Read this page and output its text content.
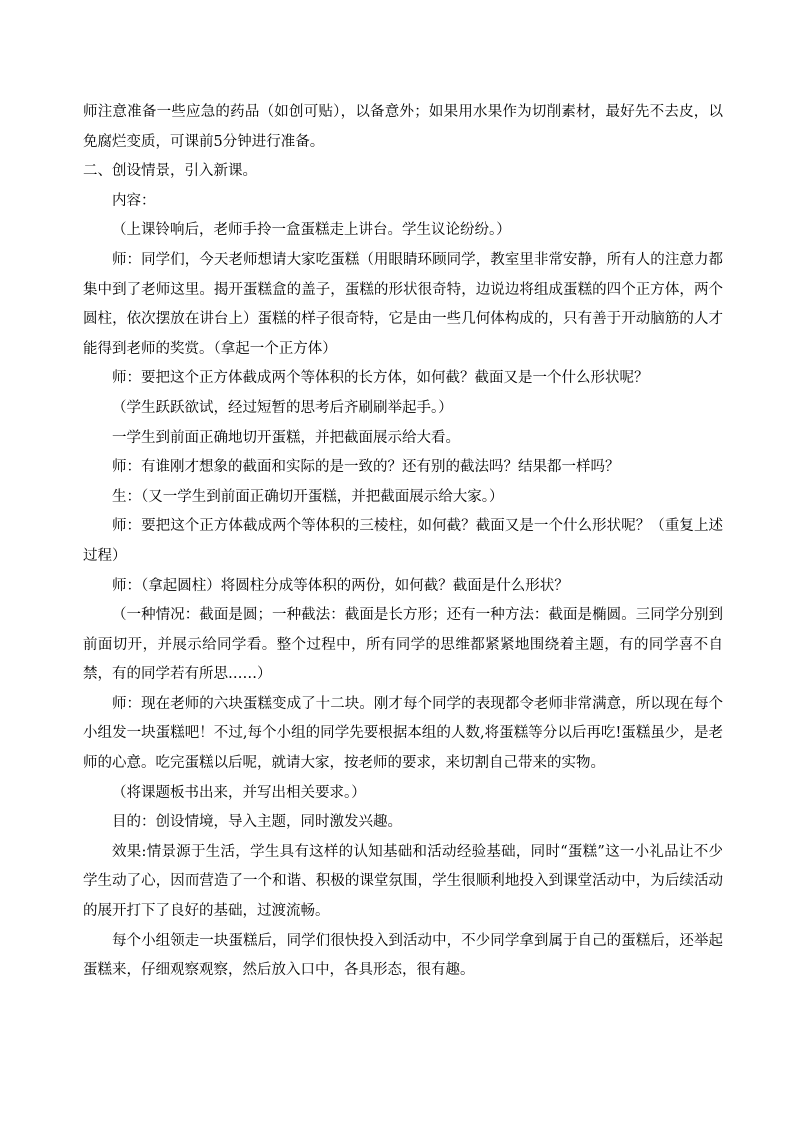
师注意准备一些应急的药品（如创可贴），以备意外；如果用水果作为切削素材，最好先不去皮，以免腐烂变质，可课前5分钟进行准备。

二、创设情景，引入新课。

内容：

（上课铃响后，老师手拎一盒蛋糕走上讲台。学生议论纷纷。）

师：同学们，今天老师想请大家吃蛋糕（用眼睛环顾同学，教室里非常安静，所有人的注意力都集中到了老师这里。揭开蛋糕盒的盖子，蛋糕的形状很奇特，边说边将组成蛋糕的四个正方体，两个圆柱，依次摆放在讲台上）蛋糕的样子很奇特，它是由一些几何体构成的，只有善于开动脑筋的人才能得到老师的奖赏。（拿起一个正方体）

师：要把这个正方体截成两个等体积的长方体，如何截？截面又是一个什么形状呢？

（学生跃跃欲试，经过短暂的思考后齐刷刷举起手。）

一学生到前面正确地切开蛋糕，并把截面展示给大看。

师：有谁刚才想象的截面和实际的是一致的？还有别的截法吗？结果都一样吗？

生：（又一学生到前面正确切开蛋糕，并把截面展示给大家。）

师：要把这个正方体截成两个等体积的三棱柱，如何截？截面又是一个什么形状呢？（重复上述过程）

师：（拿起圆柱）将圆柱分成等体积的两份，如何截？截面是什么形状？

（一种情况：截面是圆；一种截法：截面是长方形；还有一种方法：截面是椭圆。三同学分别到前面切开，并展示给同学看。整个过程中，所有同学的思维都紧紧地围绕着主题，有的同学喜不自禁，有的同学若有所思……）

师：现在老师的六块蛋糕变成了十二块。刚才每个同学的表现都令老师非常满意，所以现在每个小组发一块蛋糕吧！不过,每个小组的同学先要根据本组的人数,将蛋糕等分以后再吃!蛋糕虽少，是老师的心意。吃完蛋糕以后呢，就请大家，按老师的要求，来切割自己带来的实物。

（将课题板书出来，并写出相关要求。）

目的：创设情境，导入主题，同时激发兴趣。

效果:情景源于生活，学生具有这样的认知基础和活动经验基础，同时“蛋糕”这一小礼品让不少学生动了心，因而营造了一个和谐、积极的课堂氛围，学生很顺利地投入到课堂活动中，为后续活动的展开打下了良好的基础，过渡流畅。

每个小组领走一块蛋糕后，同学们很快投入到活动中，不少同学拿到属于自己的蛋糕后，还举起蛋糕来，仔细观察观察，然后放入口中，各具形态，很有趣。
